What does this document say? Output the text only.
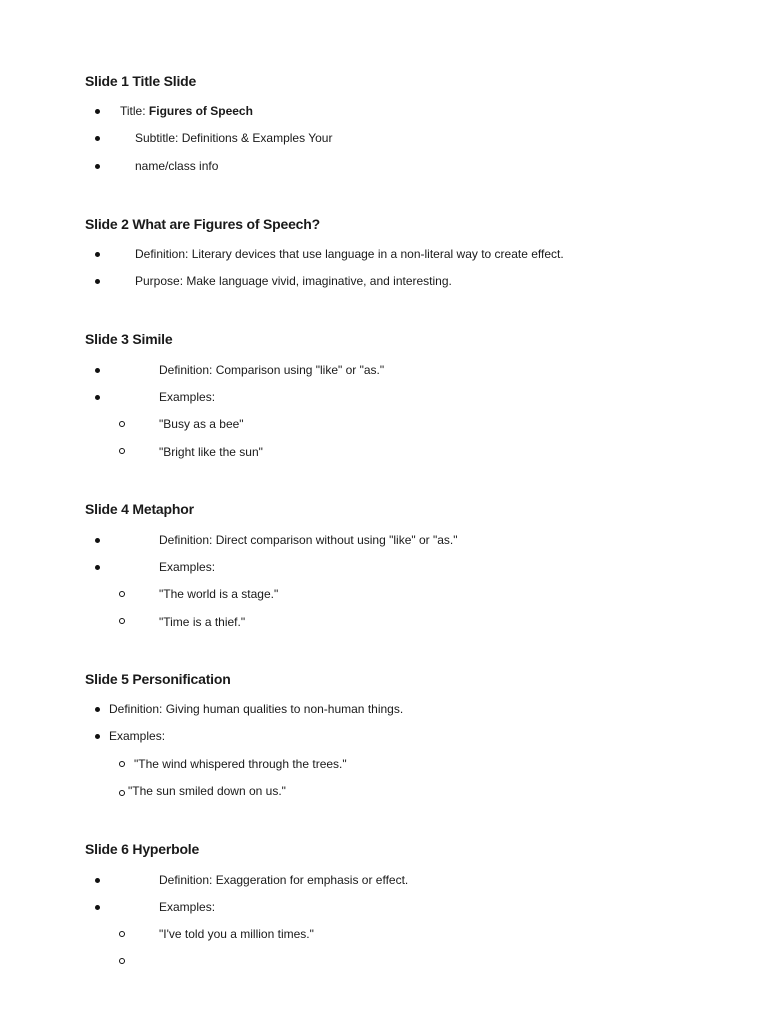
Slide 1 Title Slide
Title: Figures of Speech
Subtitle: Definitions & Examples Your
name/class info
Slide 2 What are Figures of Speech?
Definition: Literary devices that use language in a non-literal way to create effect.
Purpose: Make language vivid, imaginative, and interesting.
Slide 3 Simile
Definition: Comparison using "like" or "as."
Examples:
"Busy as a bee"
"Bright like the sun"
Slide 4 Metaphor
Definition: Direct comparison without using "like" or "as."
Examples:
"The world is a stage."
"Time is a thief."
Slide 5 Personification
Definition: Giving human qualities to non-human things.
Examples:
"The wind whispered through the trees."
"The sun smiled down on us."
Slide 6 Hyperbole
Definition: Exaggeration for emphasis or effect.
Examples:
"I've told you a million times."
